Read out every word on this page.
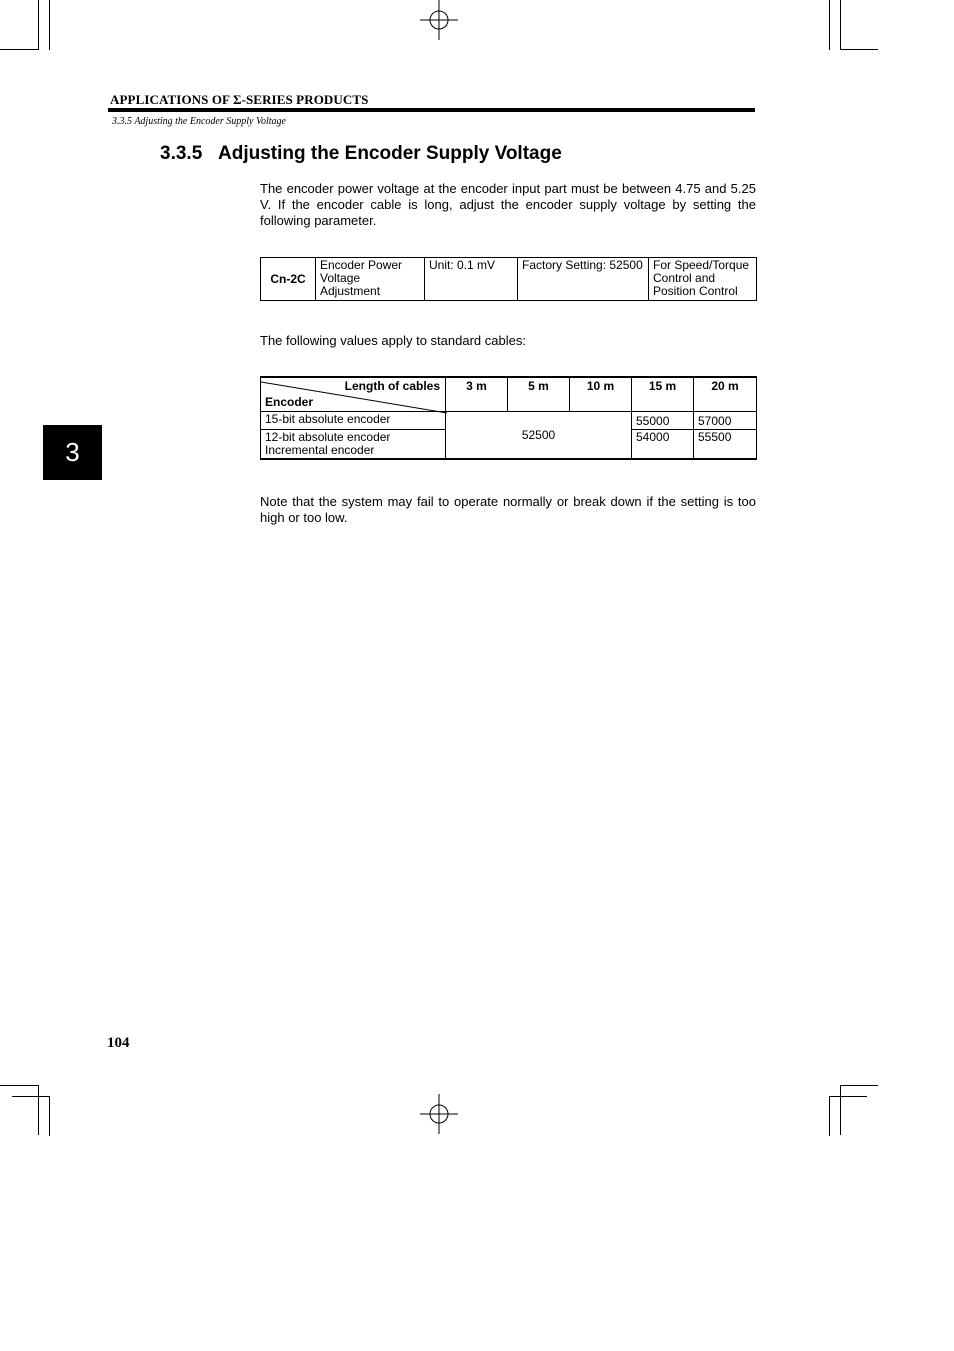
APPLICATIONS OF Σ-SERIES PRODUCTS
3.3.5 Adjusting the Encoder Supply Voltage
3.3.5 Adjusting the Encoder Supply Voltage
The encoder power voltage at the encoder input part must be between 4.75 and 5.25 V. If the encoder cable is long, adjust the encoder supply voltage by setting the following parameter.
Cn-2C	Encoder Power Voltage Adjustment	Unit: 0.1 mV	Factory Setting: 52500	For Speed/Torque Control and Position Control
The following values apply to standard cables:
Length of cables
Encoder	3 m	5 m	10 m	15 m	20 m
15-bit absolute encoder	52500			55000	57000

12-bit absolute encoder
Incremental encoder				54000	55500
Note that the system may fail to operate normally or break down if the setting is too high or too low.
3
104
